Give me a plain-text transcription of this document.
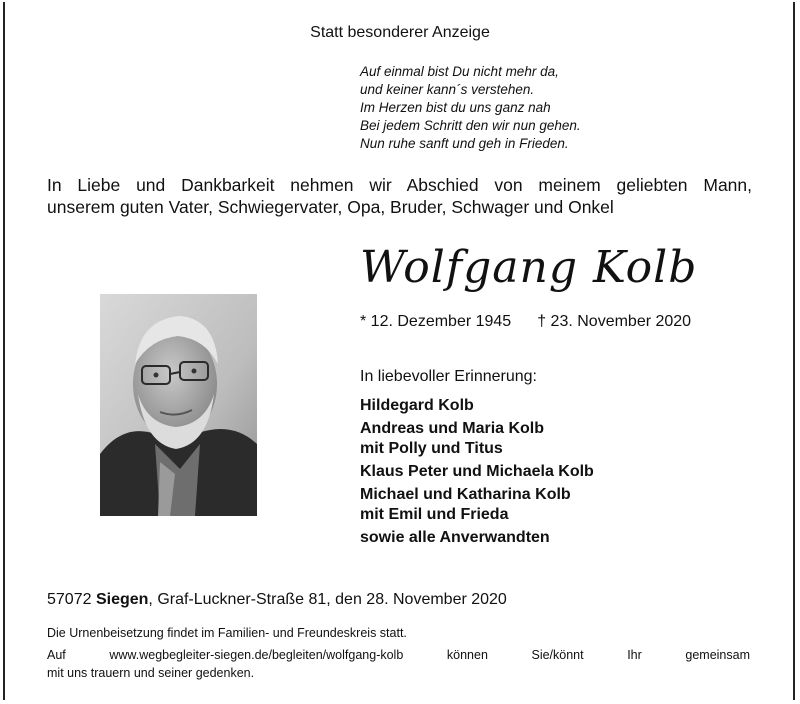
Statt besonderer Anzeige
Auf einmal bist Du nicht mehr da,
und keiner kann´s verstehen.
Im Herzen bist du uns ganz nah
Bei jedem Schritt den wir nun gehen.
Nun ruhe sanft und geh in Frieden.
In Liebe und Dankbarkeit nehmen wir Abschied von meinem geliebten Mann,
unserem guten Vater, Schwiegervater, Opa, Bruder, Schwager und Onkel
Wolfgang Kolb
* 12. Dezember 1945 † 23. November 2020
In liebevoller Erinnerung:
Hildegard Kolb
Andreas und Maria Kolb
mit Polly und Titus
Klaus Peter und Michaela Kolb
Michael und Katharina Kolb
mit Emil und Frieda
sowie alle Anverwandten
57072 Siegen, Graf-Luckner-Straße 81, den 28. November 2020
Die Urnenbeisetzung findet im Familien- und Freundeskreis statt.
Auf www.wegbegleiter-siegen.de/begleiten/wolfgang-kolb können Sie/könnt Ihr gemeinsam
mit uns trauern und seiner gedenken.
